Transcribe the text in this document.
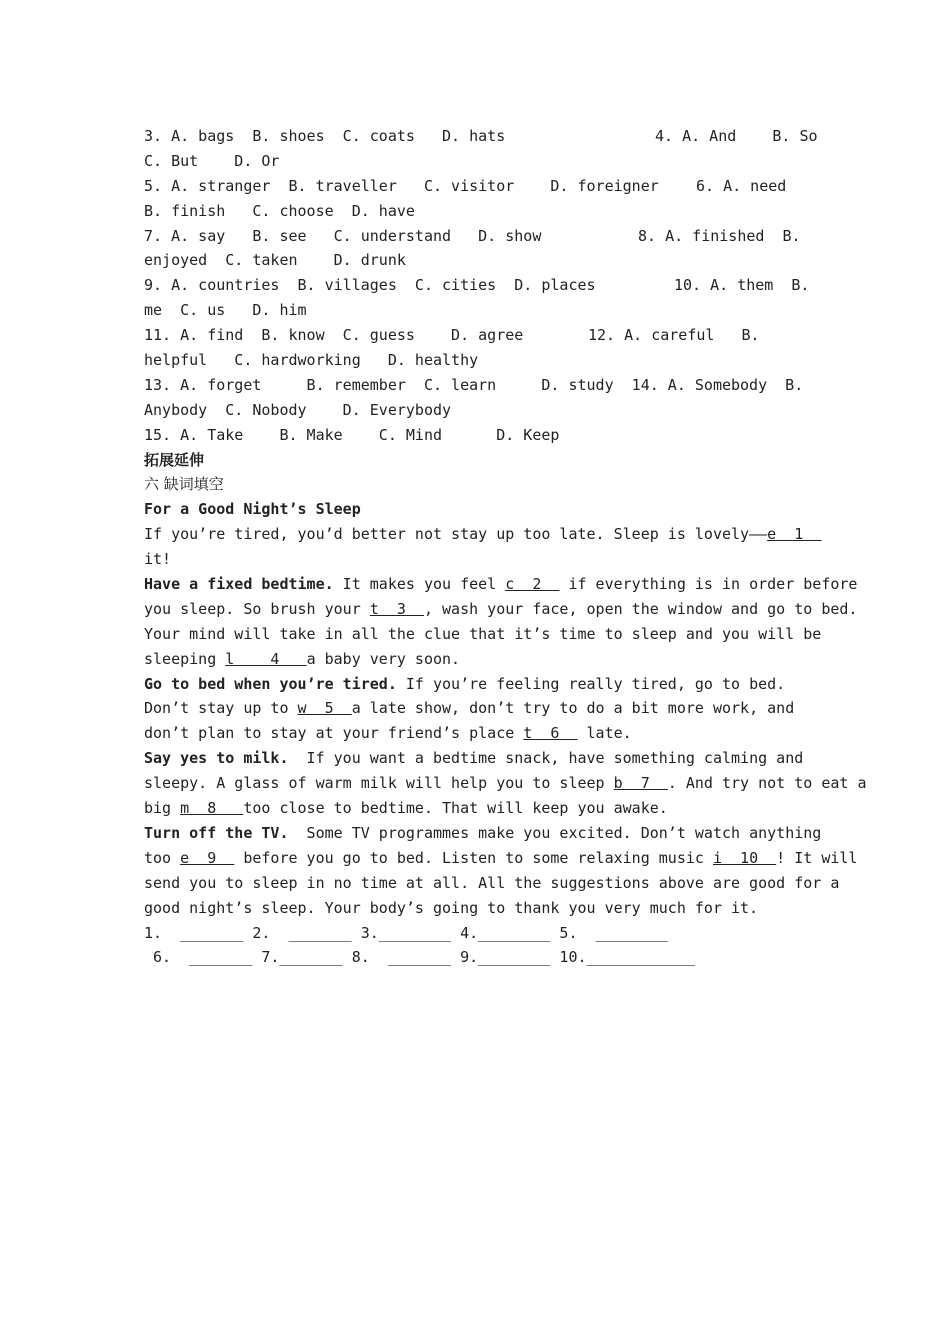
3. A. bags  B. shoes  C. coats   D. hats	4. A. And    B. So
C. But    D. Or
5. A. stranger  B. traveller   C. visitor    D. foreigner 6. A. need
B. finish   C. choose  D. have
7. A. say   B. see   C. understand   D. show	8. A. finished  B.
enjoyed  C. taken    D. drunk
9. A. countries  B. villages  C. cities  D. places	10. A. them  B.
me  C. us   D. him
11. A. find  B. know  C. guess    D. agree	12. A. careful   B.
helpful   C. hardworking   D. healthy
13. A. forget     B. remember  C. learn     D. study  14. A. Somebody  B.
Anybody  C. Nobody    D. Everybody
15. A. Take    B. Make    C. Mind      D. Keep
拓展延伸
六 缺词填空
For a Good Night’s Sleep
If you’re tired, you’d better not stay up too late. Sleep is lovely——e  1
it!
Have a fixed bedtime. It makes you feel c  2   if everything is in order before
you sleep. So brush your t  3  , wash your face, open the window and go to bed.
Your mind will take in all the clue that it’s time to sleep and you will be
sleeping l    4   a baby very soon.
Go to bed when you’re tired. If you’re feeling really tired, go to bed.
Don’t stay up to w  5  a late show, don’t try to do a bit more work, and
don’t plan to stay at your friend’s place t  6   late.
Say yes to milk.  If you want a bedtime snack, have something calming and
sleepy. A glass of warm milk will help you to sleep b  7  . And try not to eat a
big m  8   too close to bedtime. That will keep you awake.
Turn off the TV.  Some TV programmes make you excited. Don’t watch anything
too e  9   before you go to bed. Listen to some relaxing music i  10  ! It will
send you to sleep in no time at all. All the suggestions above are good for a
good night’s sleep. Your body’s going to thank you very much for it.
1.  _______ 2.  _______ 3.________ 4.________ 5.  ________
6.  _______ 7._______ 8.  _______ 9.________ 10.____________
